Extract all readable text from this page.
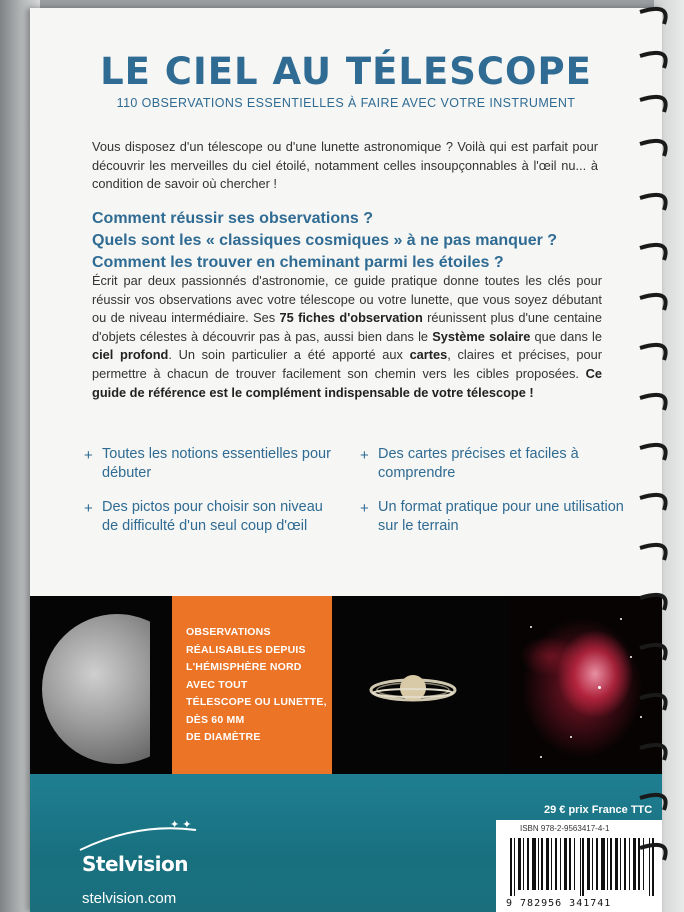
LE CIEL AU TÉLESCOPE
110 OBSERVATIONS ESSENTIELLES À FAIRE AVEC VOTRE INSTRUMENT

Vous disposez d'un télescope ou d'une lunette astronomique ? Voilà qui est parfait pour découvrir les merveilles du ciel étoilé, notamment celles insoupçonnables à l'œil nu... à condition de savoir où chercher !

Comment réussir ses observations ?
Quels sont les « classiques cosmiques » à ne pas manquer ?
Comment les trouver en cheminant parmi les étoiles ?

Écrit par deux passionnés d'astronomie, ce guide pratique donne toutes les clés pour réussir vos observations avec votre télescope ou votre lunette, que vous soyez débutant ou de niveau intermédiaire. Ses 75 fiches d'observation réunissent plus d'une centaine d'objets célestes à découvrir pas à pas, aussi bien dans le Système solaire que dans le ciel profond. Un soin particulier a été apporté aux cartes, claires et précises, pour permettre à chacun de trouver facilement son chemin vers les cibles proposées. Ce guide de référence est le complément indispensable de votre télescope !

+ Toutes les notions essentielles pour débuter
+ Des cartes précises et faciles à comprendre
+ Des pictos pour choisir son niveau de difficulté d'un seul coup d'œil
+ Un format pratique pour une utilisation sur le terrain
OBSERVATIONS
RÉALISABLES DEPUIS
L'HÉMISPHÈRE NORD
AVEC TOUT
TÉLESCOPE OU LUNETTE,
DÈS 60 MM
DE DIAMÈTRE
✦ ✦
Stelvision
stelvision.com
29 € prix France TTC
ISBN 978-2-9563417-4-1
9 782956 341741
